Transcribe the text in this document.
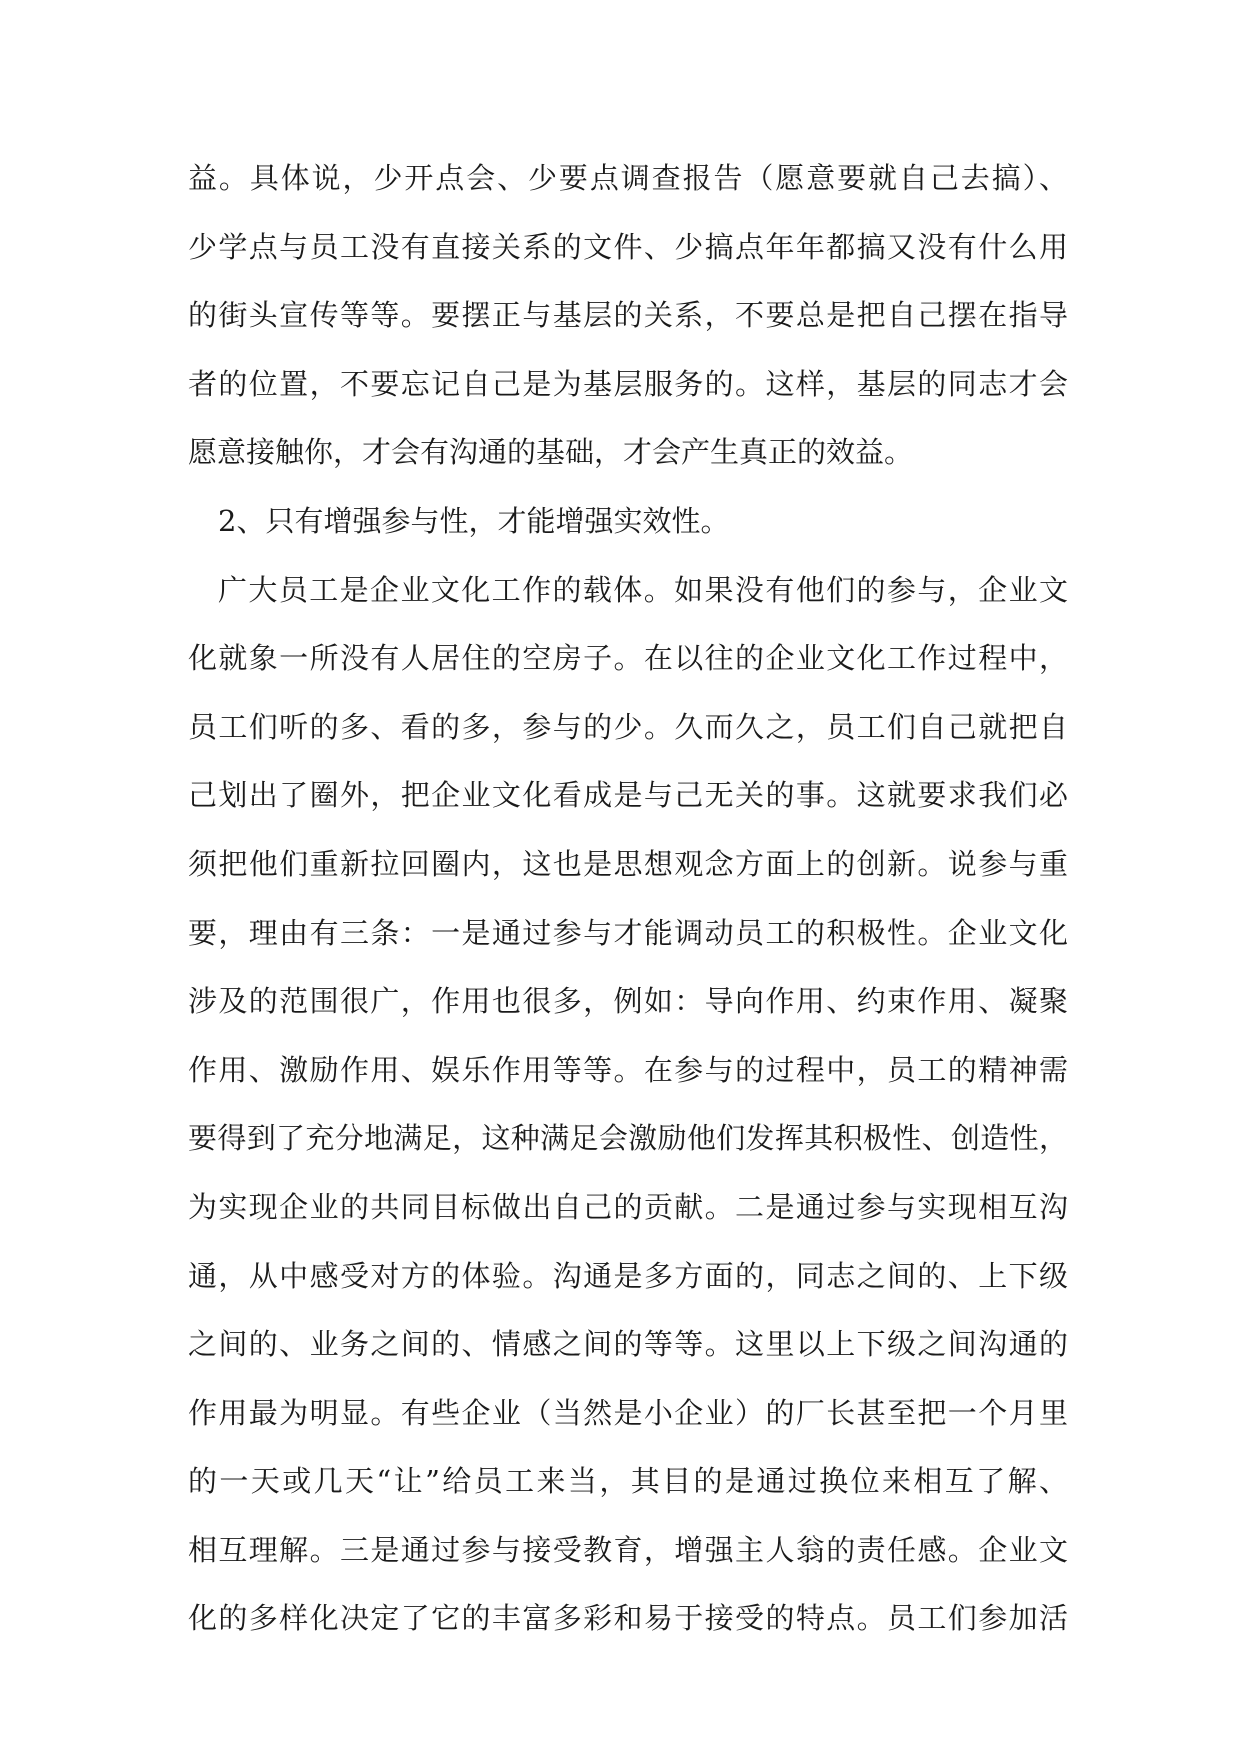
益。具体说，少开点会、少要点调查报告（愿意要就自己去搞）、
少学点与员工没有直接关系的文件、少搞点年年都搞又没有什么用
的街头宣传等等。要摆正与基层的关系，不要总是把自己摆在指导
者的位置，不要忘记自己是为基层服务的。这样，基层的同志才会
愿意接触你，才会有沟通的基础，才会产生真正的效益。
2、只有增强参与性，才能增强实效性。
广大员工是企业文化工作的载体。如果没有他们的参与，企业文
化就象一所没有人居住的空房子。在以往的企业文化工作过程中，
员工们听的多、看的多，参与的少。久而久之，员工们自己就把自
己划出了圈外，把企业文化看成是与己无关的事。这就要求我们必
须把他们重新拉回圈内，这也是思想观念方面上的创新。说参与重
要，理由有三条：一是通过参与才能调动员工的积极性。企业文化
涉及的范围很广，作用也很多，例如：导向作用、约束作用、凝聚
作用、激励作用、娱乐作用等等。在参与的过程中，员工的精神需
要得到了充分地满足，这种满足会激励他们发挥其积极性、创造性，
为实现企业的共同目标做出自己的贡献。二是通过参与实现相互沟
通，从中感受对方的体验。沟通是多方面的，同志之间的、上下级
之间的、业务之间的、情感之间的等等。这里以上下级之间沟通的
作用最为明显。有些企业（当然是小企业）的厂长甚至把一个月里
的一天或几天“让”给员工来当，其目的是通过换位来相互了解、
相互理解。三是通过参与接受教育，增强主人翁的责任感。企业文
化的多样化决定了它的丰富多彩和易于接受的特点。员工们参加活
